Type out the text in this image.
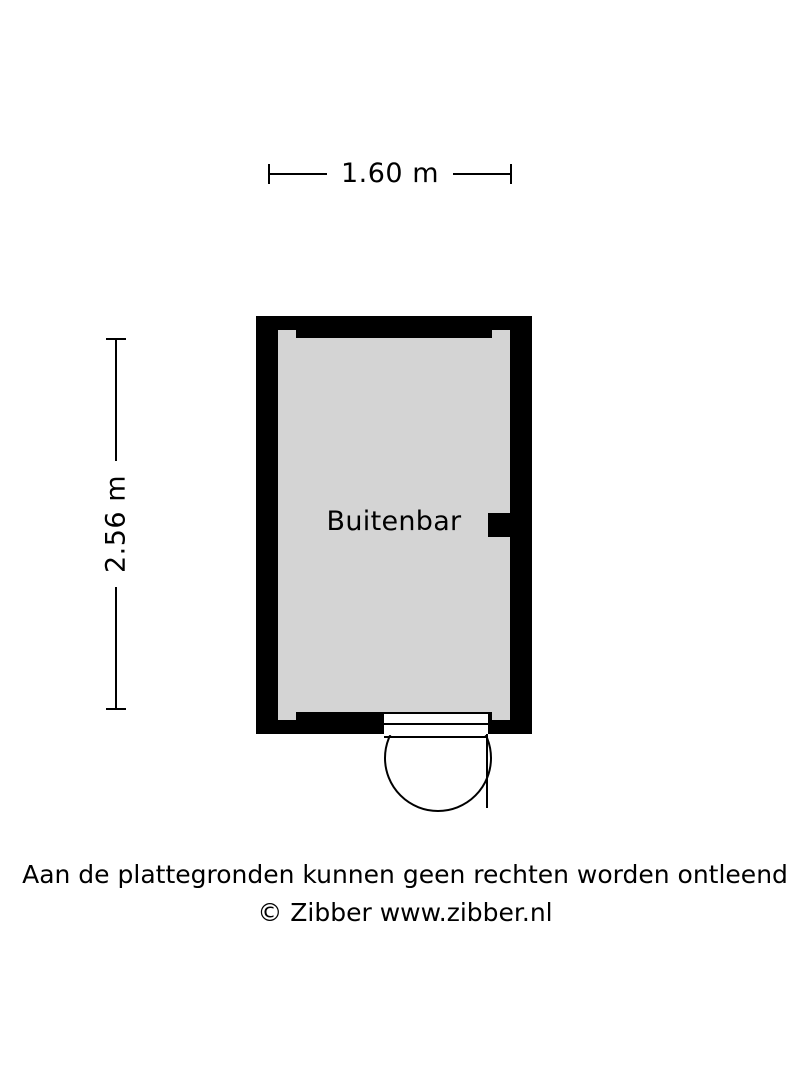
1.60 m
2.56 m	Buitenbar
Aan de plattegronden kunnen geen rechten worden ontleend
© Zibber www.zibber.nl
